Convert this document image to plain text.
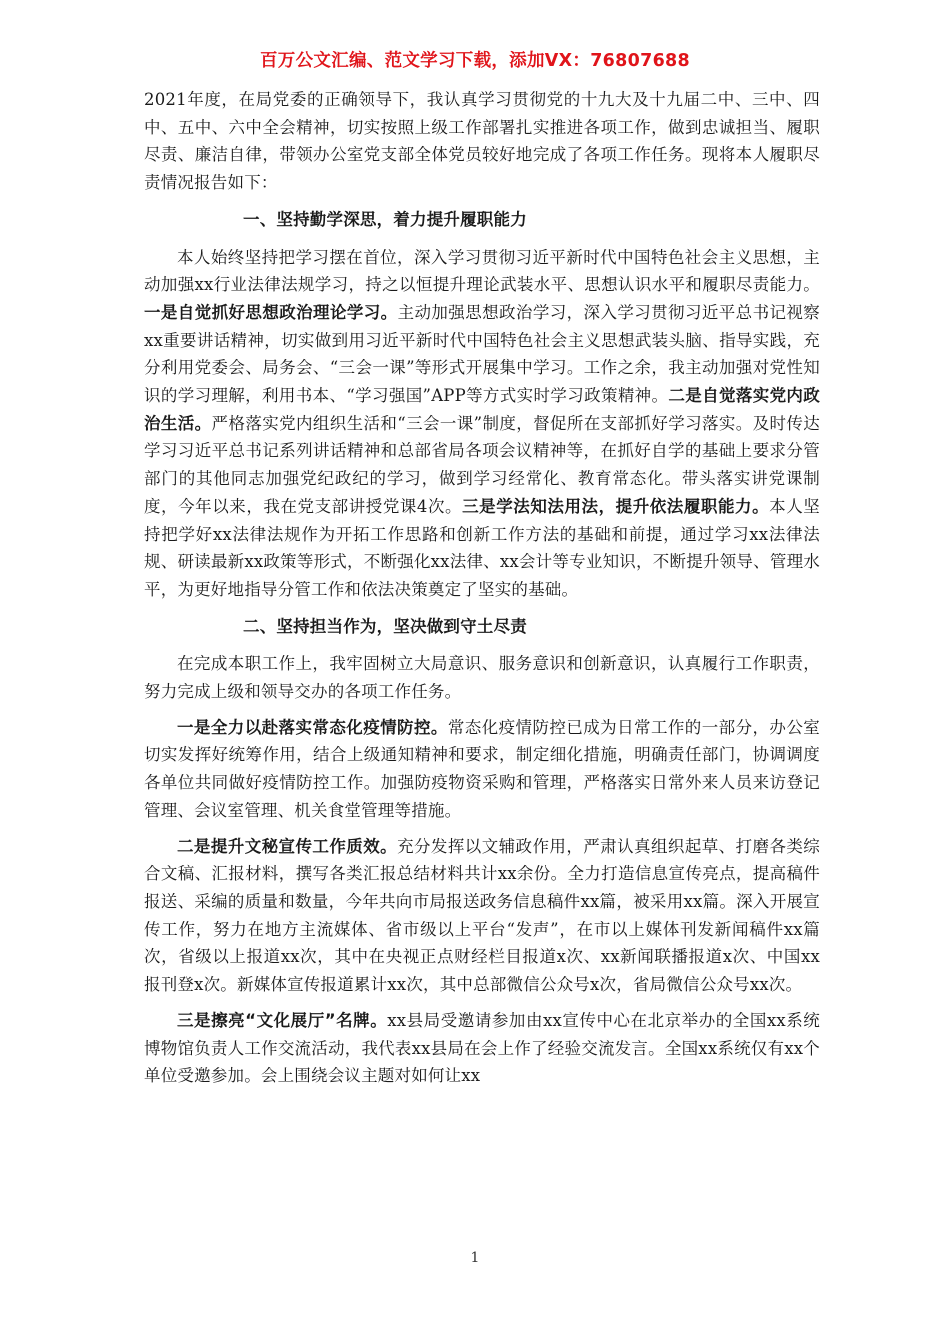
百万公文汇编、范文学习下载，添加VX：76807688

2021年度，在局党委的正确领导下，我认真学习贯彻党的十九大及十九届二中、三中、四中、五中、六中全会精神，切实按照上级工作部署扎实推进各项工作，做到忠诚担当、履职尽责、廉洁自律，带领办公室党支部全体党员较好地完成了各项工作任务。现将本人履职尽责情况报告如下：

一、坚持勤学深思，着力提升履职能力

本人始终坚持把学习摆在首位，深入学习贯彻习近平新时代中国特色社会主义思想，主动加强xx行业法律法规学习，持之以恒提升理论武装水平、思想认识水平和履职尽责能力。一是自觉抓好思想政治理论学习。主动加强思想政治学习，深入学习贯彻习近平总书记视察xx重要讲话精神，切实做到用习近平新时代中国特色社会主义思想武装头脑、指导实践，充分利用党委会、局务会、“三会一课”等形式开展集中学习。工作之余，我主动加强对党性知识的学习理解，利用书本、“学习强国”APP等方式实时学习政策精神。二是自觉落实党内政治生活。严格落实党内组织生活和“三会一课”制度，督促所在支部抓好学习落实。及时传达学习习近平总书记系列讲话精神和总部省局各项会议精神等，在抓好自学的基础上要求分管部门的其他同志加强党纪政纪的学习，做到学习经常化、教育常态化。带头落实讲党课制度，今年以来，我在党支部讲授党课4次。三是学法知法用法，提升依法履职能力。本人坚持把学好xx法律法规作为开拓工作思路和创新工作方法的基础和前提，通过学习xx法律法规、研读最新xx政策等形式，不断强化xx法律、xx会计等专业知识，不断提升领导、管理水平，为更好地指导分管工作和依法决策奠定了坚实的基础。

二、坚持担当作为，坚决做到守土尽责

在完成本职工作上，我牢固树立大局意识、服务意识和创新意识，认真履行工作职责，努力完成上级和领导交办的各项工作任务。

一是全力以赴落实常态化疫情防控。常态化疫情防控已成为日常工作的一部分，办公室切实发挥好统筹作用，结合上级通知精神和要求，制定细化措施，明确责任部门，协调调度各单位共同做好疫情防控工作。加强防疫物资采购和管理，严格落实日常外来人员来访登记管理、会议室管理、机关食堂管理等措施。

二是提升文秘宣传工作质效。充分发挥以文辅政作用，严肃认真组织起草、打磨各类综合文稿、汇报材料，撰写各类汇报总结材料共计xx余份。全力打造信息宣传亮点，提高稿件报送、采编的质量和数量，今年共向市局报送政务信息稿件xx篇，被采用xx篇。深入开展宣传工作，努力在地方主流媒体、省市级以上平台“发声”，在市以上媒体刊发新闻稿件xx篇次，省级以上报道xx次，其中在央视正点财经栏目报道x次、xx新闻联播报道x次、中国xx报刊登x次。新媒体宣传报道累计xx次，其中总部微信公众号x次，省局微信公众号xx次。

三是擦亮“文化展厅”名牌。xx县局受邀请参加由xx宣传中心在北京举办的全国xx系统博物馆负责人工作交流活动，我代表xx县局在会上作了经验交流发言。全国xx系统仅有xx个单位受邀参加。会上围绕会议主题对如何让xx

1
